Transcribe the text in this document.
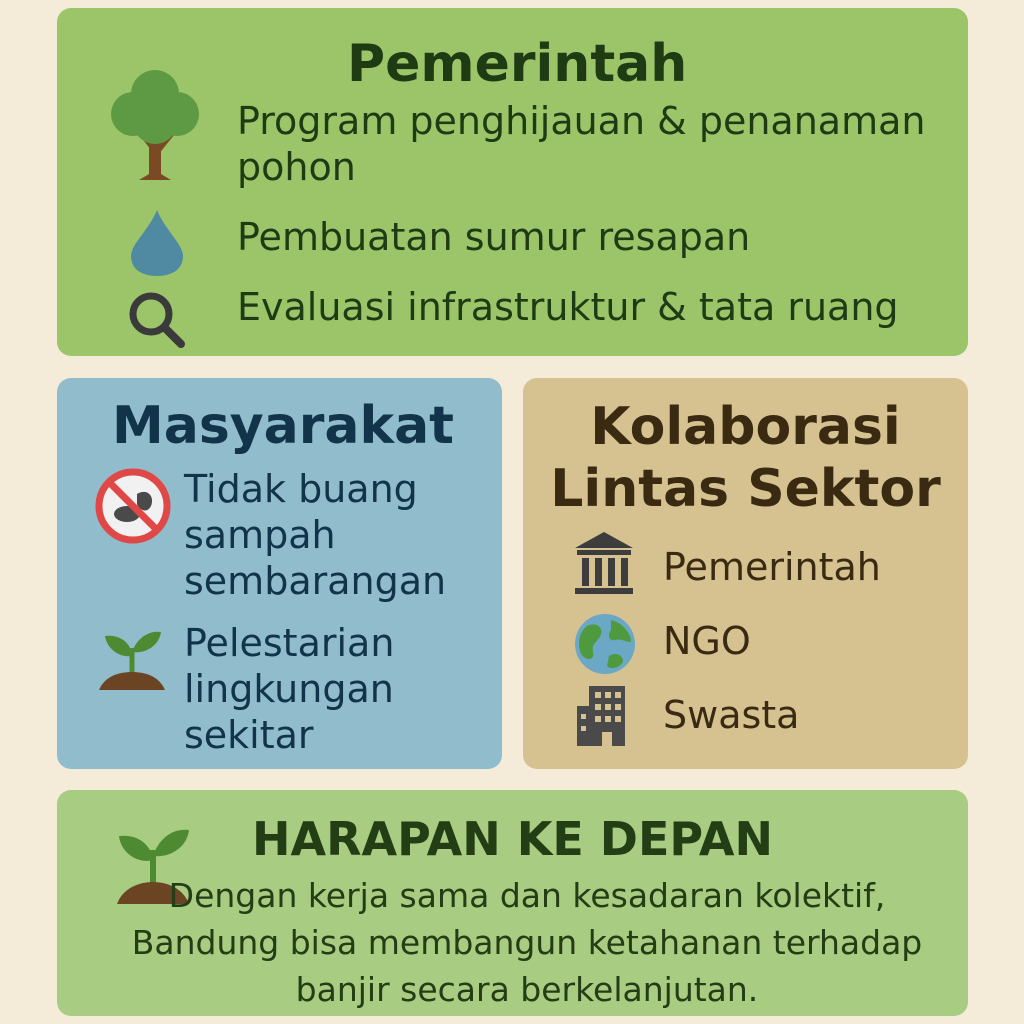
Pemerintah

Program penghijauan & penanaman pohon

Pembuatan sumur resapan

Evaluasi infrastruktur & tata ruang

Masyarakat

Tidak buang sampah sembarangan

Pelestarian lingkungan sekitar

Kolaborasi Lintas Sektor

Pemerintah

NGO

Swasta

HARAPAN KE DEPAN

Dengan kerja sama dan kesadaran kolektif, Bandung bisa membangun ketahanan terhadap banjir secara berkelanjutan.
